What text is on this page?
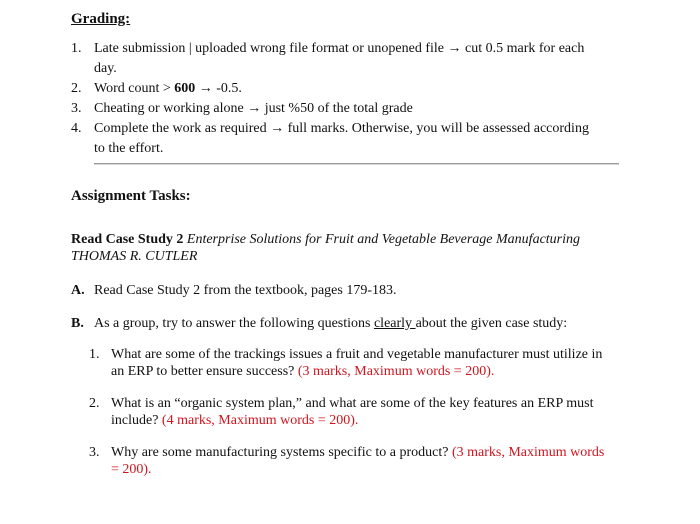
Grading:
1. Late submission | uploaded wrong file format or unopened file → cut 0.5 mark for each
day.
2. Word count > 600 → -0.5.
3. Cheating or working alone → just %50 of the total grade
4. Complete the work as required → full marks. Otherwise, you will be assessed according
to the effort.
Assignment Tasks:
Read Case Study 2 Enterprise Solutions for Fruit and Vegetable Beverage Manufacturing
THOMAS R. CUTLER
A. Read Case Study 2 from the textbook, pages 179-183.
B. As a group, try to answer the following questions clearly about the given case study:
1. What are some of the trackings issues a fruit and vegetable manufacturer must utilize in
an ERP to better ensure success? (3 marks, Maximum words = 200).
2. What is an “organic system plan,” and what are some of the key features an ERP must
include? (4 marks, Maximum words = 200).
3. Why are some manufacturing systems specific to a product? (3 marks, Maximum words
= 200).
